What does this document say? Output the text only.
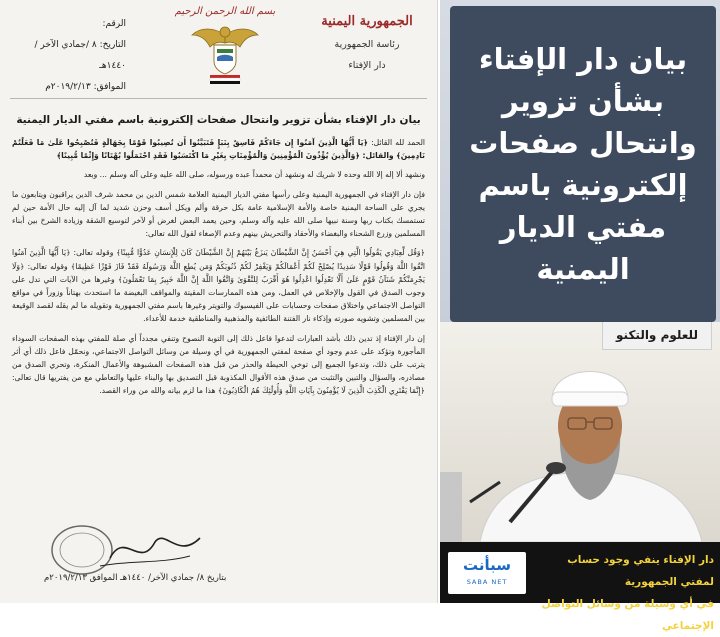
الجمهورية اليمنية
رئاسة الجمهورية
دار الإفتاء
بسم الله الرحمن الرحيم
الرقم:
التاريخ: ٨ /جمادي الآخر / ١٤٤٠هـ
الموافق: ٢٠١٩/٢/١٣م
بيان دار الإفتاء بشأن تزوير وانتحال صفحات إلكترونية باسم مفتي الديار اليمنية

الحمد لله القائل: ﴿يَا أَيُّهَا الَّذِينَ آمَنُوا إِن جَاءَكُمْ فَاسِقٌ بِنَبَإٍ فَتَبَيَّنُوا أَن تُصِيبُوا قَوْمًا بِجَهَالَةٍ فَتُصْبِحُوا عَلَىٰ مَا فَعَلْتُمْ نَادِمِينَ﴾ والقائل: ﴿وَالَّذِينَ يُؤْذُونَ الْمُؤْمِنِينَ وَالْمُؤْمِنَاتِ بِغَيْرِ مَا اكْتَسَبُوا فَقَدِ احْتَمَلُوا بُهْتَانًا وَإِثْمًا مُّبِينًا﴾

ونشهد ألا إله إلا الله وحده لا شريك له ونشهد أن محمداً عبده ورسوله، صلى الله عليه وعلى آله وسلم ... وبعد

فإن دار الإفتاء في الجمهورية اليمنية وعلى رأسها مفتي الديار اليمنية العلامة شمس الدين بن محمد شرف الدين يراقبون ويتابعون ما يجري على الساحة اليمنية خاصة والأمة الإسلامية عامة بكل حرقة وألم ويكل أسف وحزن شديد لما آل إليه حال الأمة حين لم تستمسك بكتاب ربها وسنة نبيها صلى الله عليه وآله وسلم، وحين يعمد البعض لغرض أو لآخر لتوسيع الشقة وزيادة الشرخ بين أبناء المسلمين وزرع الشحناء والبغضاء والأحقاد والتحريش بينهم وعدم الإصغاء لقول الله تعالى:

﴿وَقُل لِّعِبَادِي يَقُولُوا الَّتِي هِيَ أَحْسَنُ إِنَّ الشَّيْطَانَ يَنزَغُ بَيْنَهُمْ إِنَّ الشَّيْطَانَ كَانَ لِلْإِنسَانِ عَدُوًّا مُّبِينًا﴾ وقوله تعالى: ﴿يَا أَيُّهَا الَّذِينَ آمَنُوا اتَّقُوا اللَّهَ وَقُولُوا قَوْلًا سَدِيدًا يُصْلِحْ لَكُمْ أَعْمَالَكُمْ وَيَغْفِرْ لَكُمْ ذُنُوبَكُمْ وَمَن يُطِعِ اللَّهَ وَرَسُولَهُ فَقَدْ فَازَ فَوْزًا عَظِيمًا﴾ وقوله تعالى: ﴿وَلَا يَجْرِمَنَّكُمْ شَنَآنُ قَوْمٍ عَلَىٰ أَلَّا تَعْدِلُوا اعْدِلُوا هُوَ أَقْرَبُ لِلتَّقْوَىٰ وَاتَّقُوا اللَّهَ إِنَّ اللَّهَ خَبِيرٌ بِمَا تَعْمَلُونَ﴾ وغيرها من الآيات التي تدل على وجوب الصدق في القول والإخلاص في العمل، ومن هذه الممارسات المقيتة والمواقف البغيضة ما استحدث بهتاناً وزوراً في مواقع التواصل الاجتماعي واختلاق صفحات وحسابات على الفيسبوك والتويتر وغيرها باسم مفتي الجمهورية وتقويله ما لم يقله لقصد الوقيعة بين المسلمين وتشويه صورته وإذكاء نار الفتنة الطائفية والمذهبية والمناطقية خدمة للأعداء.

إن دار الإفتاء إذ تدين ذلك بأشد العبارات لتدعوا فاعل ذلك إلى التوبة النصوح وتنفي مجدداً أي صلة للمفتي بهذه الصفحات السوداء المأجورة وتؤكد على عدم وجود أي صفحة لمفتي الجمهورية في أي وسيلة من وسائل التواصل الاجتماعي، ونحمّل فاعل ذلك أي أثر يترتب على ذلك، وتدعوا الجميع إلى توخي الحيطة والحذر من قبل هذه الصفحات المشبوهة والأعمال المنكرة، وتحري الصدق من مصادره، والسؤال والتبين والتثبت من صدق هذه الأقوال المكذوبة قبل التصديق بها والبناء عليها والتعاطي مع من يفتريها قال تعالى: ﴿إِنَّمَا يَفْتَرِي الْكَذِبَ الَّذِينَ لَا يُؤْمِنُونَ بِآيَاتِ اللَّهِ وَأُولَٰئِكَ هُمُ الْكَاذِبُونَ﴾ هذا ما لزم بيانه والله من وراء القصد.

بتاريخ ٨/ جمادي الآخر/ ١٤٤٠هـ الموافق ٢٠١٩/٢/١٣م
بيان دار الإفتاء بشأن تزوير وانتحال صفحات إلكترونية باسم مفتي الديار اليمنية
للعلوم والتكنو
سبأنت
SABA NET
دار الإفتاء ينفي وجود حساب لمفتي الجمهورية
في أي وسيلة من وسائل التواصل الإجتماعي
